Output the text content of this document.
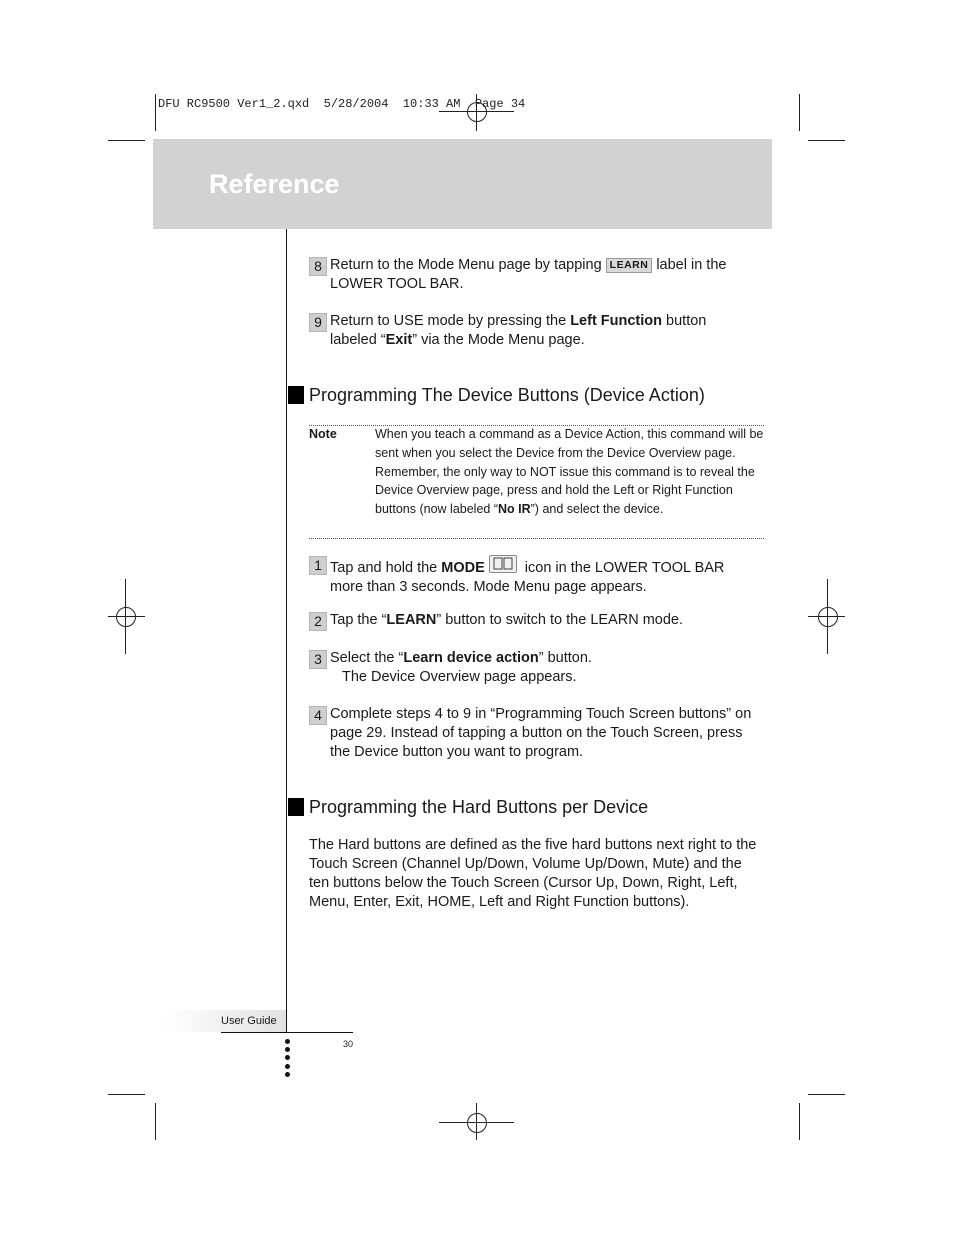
DFU RC9500 Ver1_2.qxd  5/28/2004  10:33 AM  Page 34
Reference
8 Return to the Mode Menu page by tapping LEARN label in the
LOWER TOOL BAR.
9 Return to USE mode by pressing the Left Function button
labeled “Exit” via the Mode Menu page.
Programming The Device Buttons (Device Action)
Note	When you teach a command as a Device Action, this command will be sent when you select the Device from the Device Overview page.
Remember, the only way to NOT issue this command is to reveal the Device Overview page, press and hold the Left or Right Function buttons (now labeled “No IR”) and select the device.
1 Tap and hold the MODE
icon in the LOWER TOOL BAR
more than 3 seconds. Mode Menu page appears.
2 Tap the “LEARN” button to switch to the LEARN mode.
3 Select the “Learn device action” button.
The Device Overview page appears.
4 Complete steps 4 to 9 in “Programming Touch Screen buttons” on page 29. Instead of tapping a button on the Touch Screen, press the Device button you want to program.
Programming the Hard Buttons per Device
The Hard buttons are defined as the five hard buttons next right to the Touch Screen (Channel Up/Down, Volume Up/Down, Mute) and the ten buttons below the Touch Screen (Cursor Up, Down, Right, Left, Menu, Enter, Exit, HOME, Left and Right Function buttons).
User Guide
30
